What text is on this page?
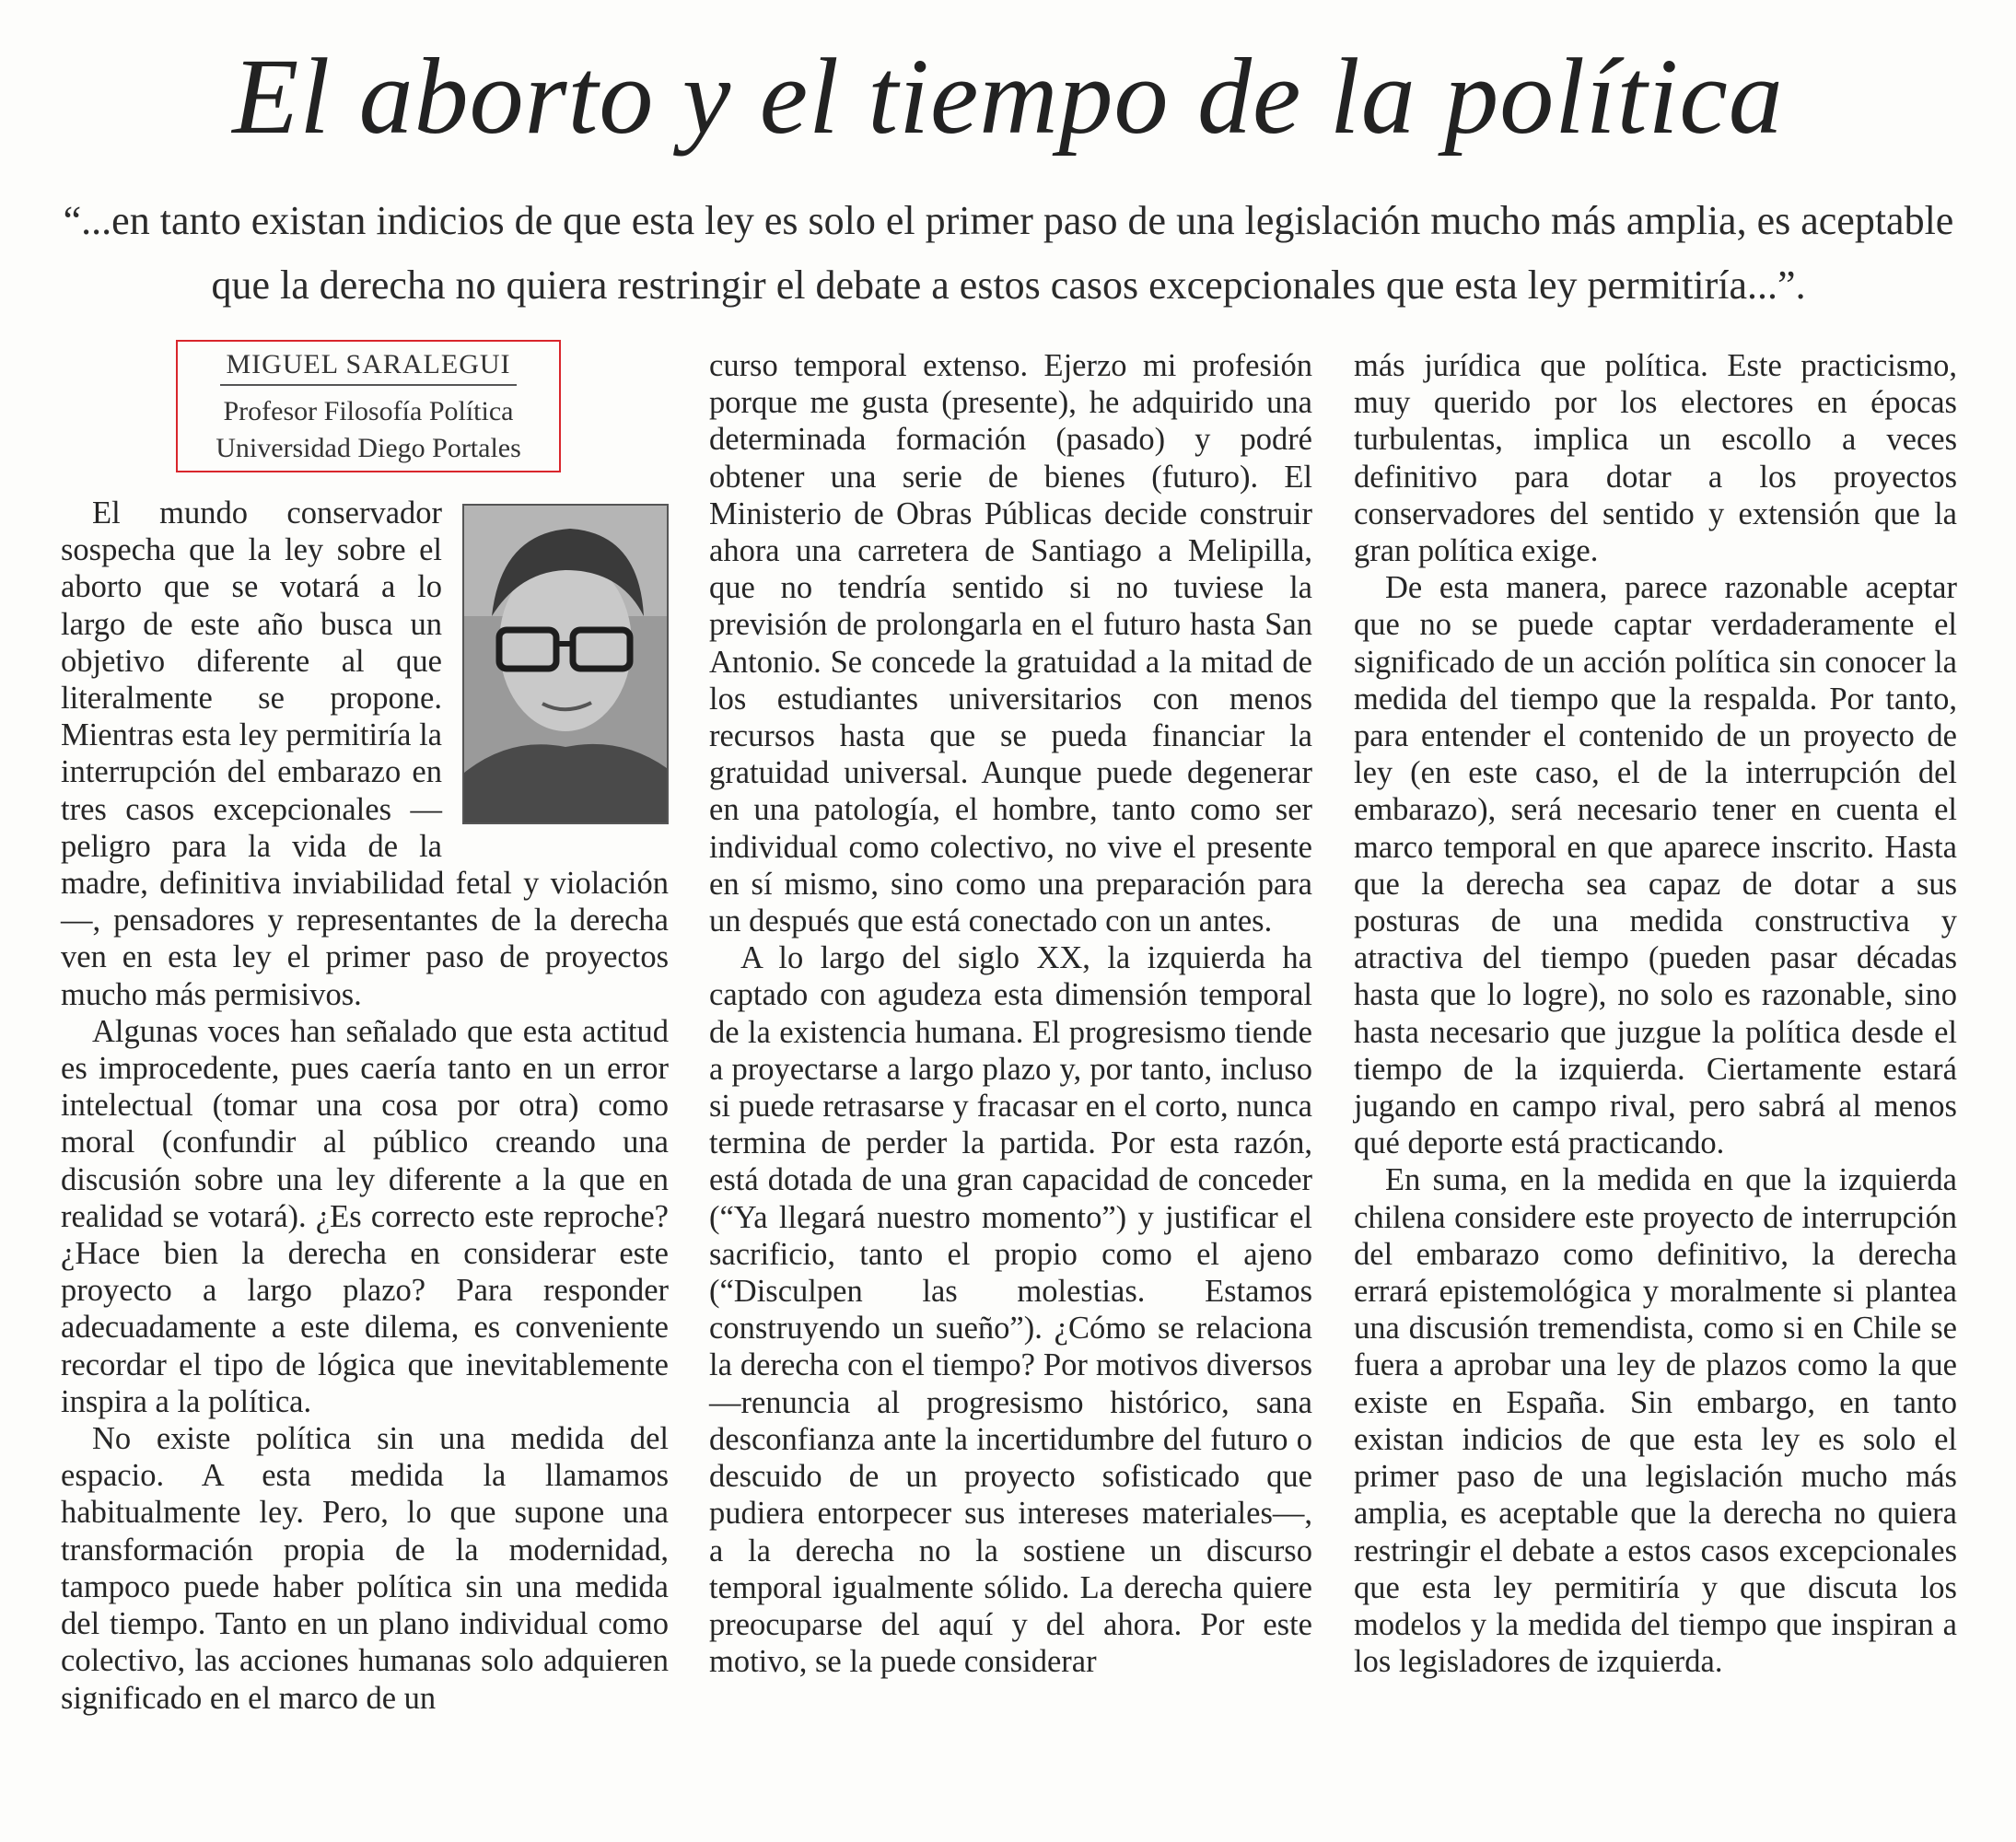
El aborto y el tiempo de la política
“...en tanto existan indicios de que esta ley es solo el primer paso de una legislación mucho más amplia, es aceptable que la derecha no quiera restringir el debate a estos casos excepcionales que esta ley permitiría...”.
MIGUEL SARALEGUI
Profesor Filosofía Política
Universidad Diego Portales

El mundo conservador sospecha que la ley sobre el aborto que se votará a lo largo de este año busca un objetivo diferente al que literalmente se propone. Mientras esta ley permitiría la interrupción del embarazo en tres casos excepcionales —peligro para la vida de la madre, definitiva inviabilidad fetal y violación—, pensadores y representantes de la derecha ven en esta ley el primer paso de proyectos mucho más permisivos.

Algunas voces han señalado que esta actitud es improcedente, pues caería tanto en un error intelectual (tomar una cosa por otra) como moral (confundir al público creando una discusión sobre una ley diferente a la que en realidad se votará). ¿Es correcto este reproche? ¿Hace bien la derecha en considerar este proyecto a largo plazo? Para responder adecuadamente a este dilema, es conveniente recordar el tipo de lógica que inevitablemente inspira a la política.

No existe política sin una medida del espacio. A esta medida la llamamos habitualmente ley. Pero, lo que supone una transformación propia de la modernidad, tampoco puede haber política sin una medida del tiempo. Tanto en un plano individual como colectivo, las acciones humanas solo adquieren significado en el marco de un

curso temporal extenso. Ejerzo mi profesión porque me gusta (presente), he adquirido una determinada formación (pasado) y podré obtener una serie de bienes (futuro). El Ministerio de Obras Públicas decide construir ahora una carretera de Santiago a Melipilla, que no tendría sentido si no tuviese la previsión de prolongarla en el futuro hasta San Antonio. Se concede la gratuidad a la mitad de los estudiantes universitarios con menos recursos hasta que se pueda financiar la gratuidad universal. Aunque puede degenerar en una patología, el hombre, tanto como ser individual como colectivo, no vive el presente en sí mismo, sino como una preparación para un después que está conectado con un antes.

A lo largo del siglo XX, la izquierda ha captado con agudeza esta dimensión temporal de la existencia humana. El progresismo tiende a proyectarse a largo plazo y, por tanto, incluso si puede retrasarse y fracasar en el corto, nunca termina de perder la partida. Por esta razón, está dotada de una gran capacidad de conceder (“Ya llegará nuestro momento”) y justificar el sacrificio, tanto el propio como el ajeno (“Disculpen las molestias. Estamos construyendo un sueño”). ¿Cómo se relaciona la derecha con el tiempo? Por motivos diversos —renuncia al progresismo histórico, sana desconfianza ante la incertidumbre del futuro o descuido de un proyecto sofisticado que pudiera entorpecer sus intereses materiales—, a la derecha no la sostiene un discurso temporal igualmente sólido. La derecha quiere preocuparse del aquí y del ahora. Por este motivo, se la puede considerar

más jurídica que política. Este practicismo, muy querido por los electores en épocas turbulentas, implica un escollo a veces definitivo para dotar a los proyectos conservadores del sentido y extensión que la gran política exige.

De esta manera, parece razonable aceptar que no se puede captar verdaderamente el significado de un acción política sin conocer la medida del tiempo que la respalda. Por tanto, para entender el contenido de un proyecto de ley (en este caso, el de la interrupción del embarazo), será necesario tener en cuenta el marco temporal en que aparece inscrito. Hasta que la derecha sea capaz de dotar a sus posturas de una medida constructiva y atractiva del tiempo (pueden pasar décadas hasta que lo logre), no solo es razonable, sino hasta necesario que juzgue la política desde el tiempo de la izquierda. Ciertamente estará jugando en campo rival, pero sabrá al menos qué deporte está practicando.

En suma, en la medida en que la izquierda chilena considere este proyecto de interrupción del embarazo como definitivo, la derecha errará epistemológica y moralmente si plantea una discusión tremendista, como si en Chile se fuera a aprobar una ley de plazos como la que existe en España. Sin embargo, en tanto existan indicios de que esta ley es solo el primer paso de una legislación mucho más amplia, es aceptable que la derecha no quiera restringir el debate a estos casos excepcionales que esta ley permitiría y que discuta los modelos y la medida del tiempo que inspiran a los legisladores de izquierda.
